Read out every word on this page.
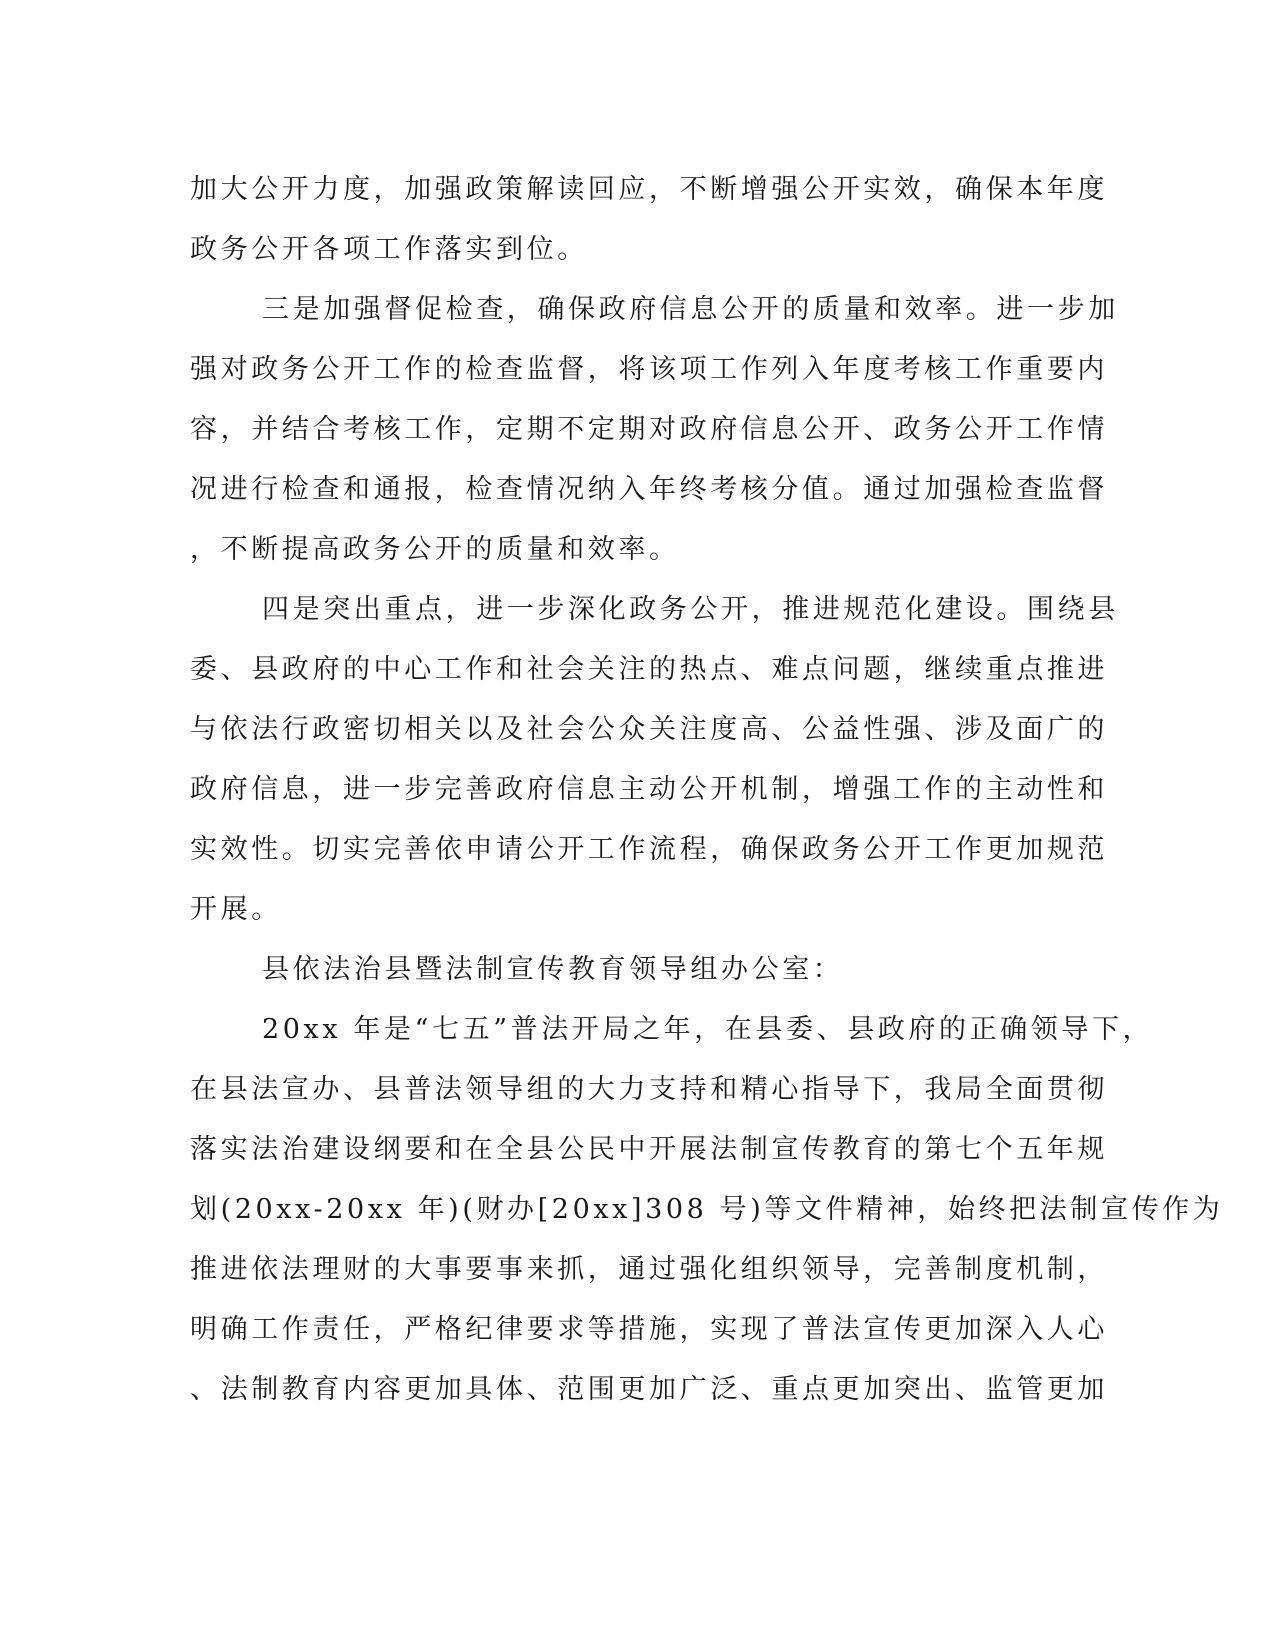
加大公开力度，加强政策解读回应，不断增强公开实效，确保本年度
政务公开各项工作落实到位。
三是加强督促检查，确保政府信息公开的质量和效率。进一步加
强对政务公开工作的检查监督，将该项工作列入年度考核工作重要内
容，并结合考核工作，定期不定期对政府信息公开、政务公开工作情
况进行检查和通报，检查情况纳入年终考核分值。通过加强检查监督
，不断提高政务公开的质量和效率。
四是突出重点，进一步深化政务公开，推进规范化建设。围绕县
委、县政府的中心工作和社会关注的热点、难点问题，继续重点推进
与依法行政密切相关以及社会公众关注度高、公益性强、涉及面广的
政府信息，进一步完善政府信息主动公开机制，增强工作的主动性和
实效性。切实完善依申请公开工作流程，确保政务公开工作更加规范
开展。
县依法治县暨法制宣传教育领导组办公室：
20xx 年是“七五”普法开局之年，在县委、县政府的正确领导下，
在县法宣办、县普法领导组的大力支持和精心指导下，我局全面贯彻
落实法治建设纲要和在全县公民中开展法制宣传教育的第七个五年规
划(20xx-20xx 年)(财办[20xx]308 号)等文件精神，始终把法制宣传作为
推进依法理财的大事要事来抓，通过强化组织领导，完善制度机制，
明确工作责任，严格纪律要求等措施，实现了普法宣传更加深入人心
、法制教育内容更加具体、范围更加广泛、重点更加突出、监管更加
